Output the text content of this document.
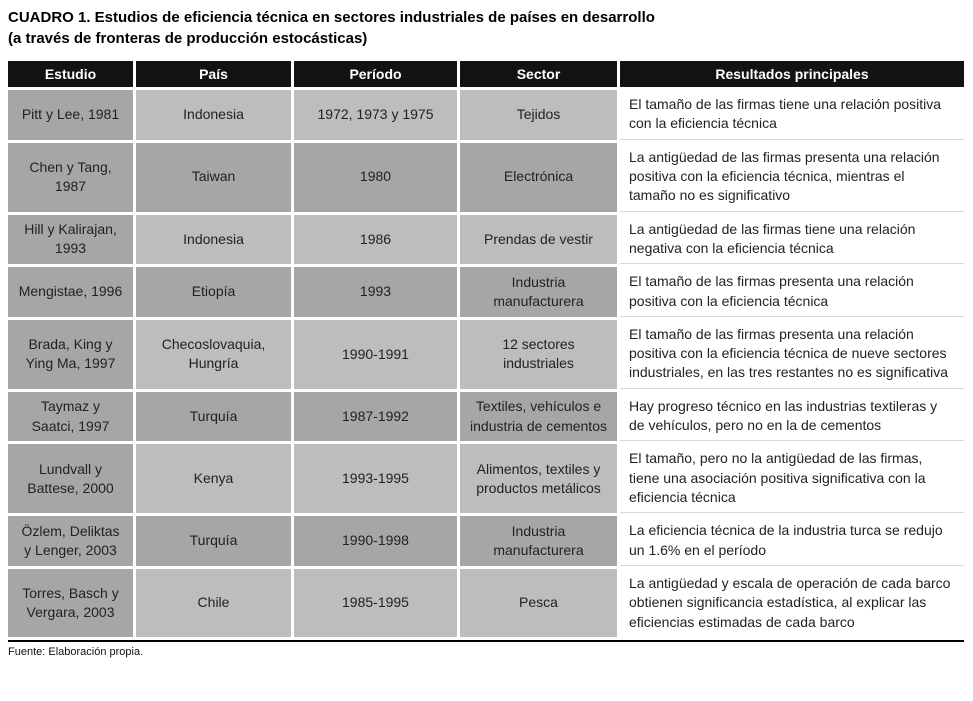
CUADRO 1. Estudios de eficiencia técnica en sectores industriales de países en desarrollo
(a través de fronteras de producción estocásticas)
Estudio	País	Período	Sector	Resultados principales
Pitt y Lee, 1981	Indonesia	1972, 1973 y 1975	Tejidos	El tamaño de las firmas tiene una relación positiva con la eficiencia técnica
Chen y Tang, 1987	Taiwan	1980	Electrónica	La antigüedad de las firmas presenta una relación positiva con la eficiencia técnica, mientras el tamaño no es significativo
Hill y Kalirajan, 1993	Indonesia	1986	Prendas de vestir	La antigüedad de las firmas tiene una relación negativa con la eficiencia técnica
Mengistae, 1996	Etiopía	1993	Industria manufacturera	El tamaño de las firmas presenta una relación positiva con la eficiencia técnica
Brada, King y Ying Ma, 1997	Checoslovaquia, Hungría	1990-1991	12 sectores industriales	El tamaño de las firmas presenta una relación positiva con la eficiencia técnica de nueve sectores industriales, en las tres restantes no es significativa
Taymaz y Saatci, 1997	Turquía	1987-1992	Textiles, vehículos e industria de cementos	Hay progreso técnico en las industrias textileras y de vehículos, pero no en la de cementos
Lundvall y Battese, 2000	Kenya	1993-1995	Alimentos, textiles y productos metálicos	El tamaño, pero no la antigüedad de las firmas, tiene una asociación positiva significativa con la eficiencia técnica
Özlem, Deliktas y Lenger, 2003	Turquía	1990-1998	Industria manufacturera	La eficiencia técnica de la industria turca se redujo un 1.6% en el período
Torres, Basch y Vergara, 2003	Chile	1985-1995	Pesca	La antigüedad y escala de operación de cada barco obtienen significancia estadística, al explicar las eficiencias estimadas de cada barco
Fuente: Elaboración propia.
